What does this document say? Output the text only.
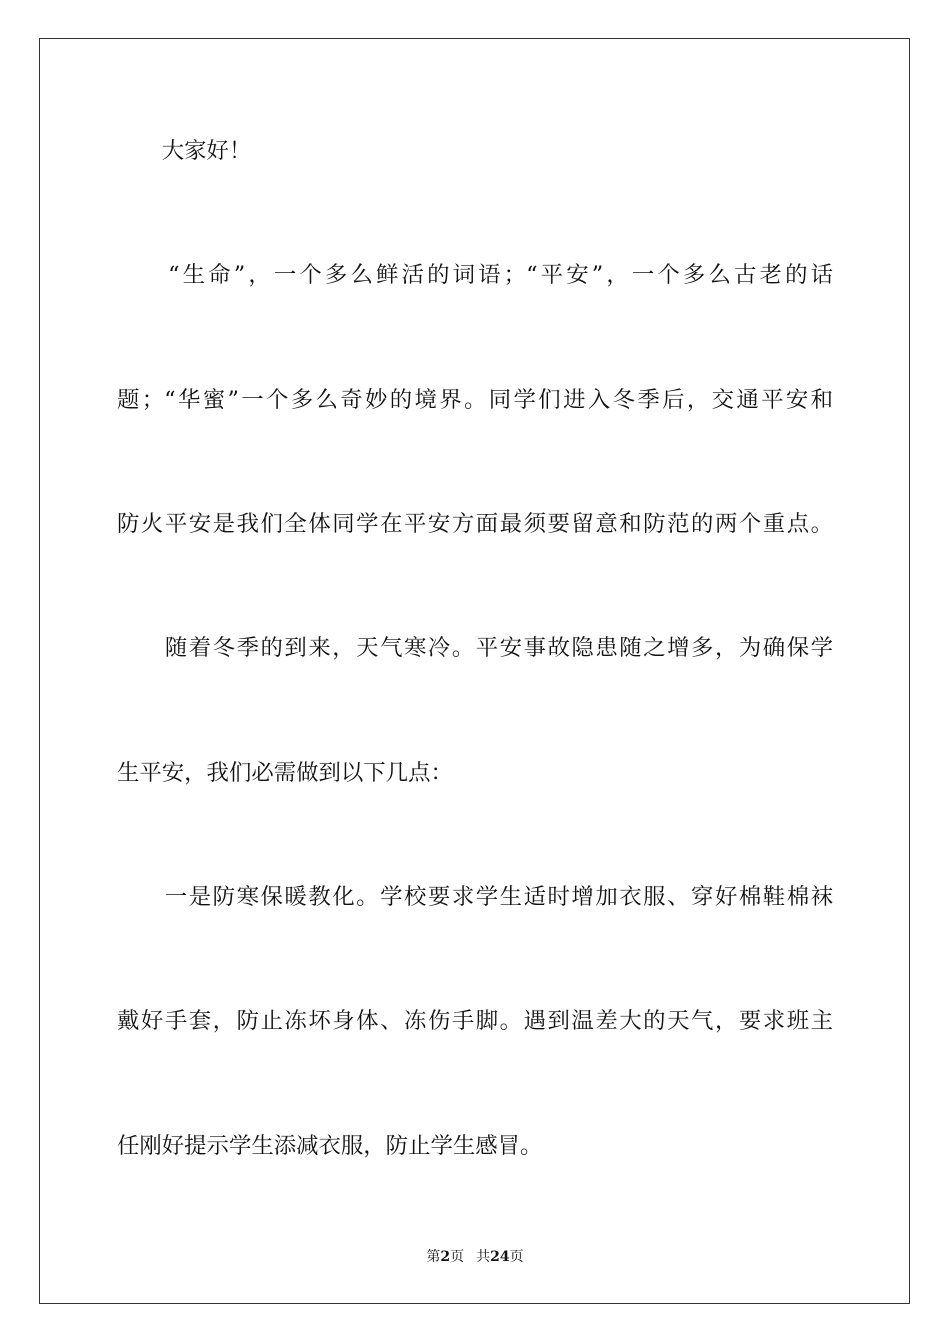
　　大家好！
　　“生命”，一个多么鲜活的词语；“平安”，一个多么古老的话
题；“华蜜”一个多么奇妙的境界。同学们进入冬季后，交通平安和
防火平安是我们全体同学在平安方面最须要留意和防范的两个重点。
　　随着冬季的到来，天气寒冷。平安事故隐患随之增多，为确保学
生平安，我们必需做到以下几点：
　　一是防寒保暖教化。学校要求学生适时增加衣服、穿好棉鞋棉袜
戴好手套，防止冻坏身体、冻伤手脚。遇到温差大的天气，要求班主
任刚好提示学生添减衣服，防止学生感冒。
第2页 共24页
